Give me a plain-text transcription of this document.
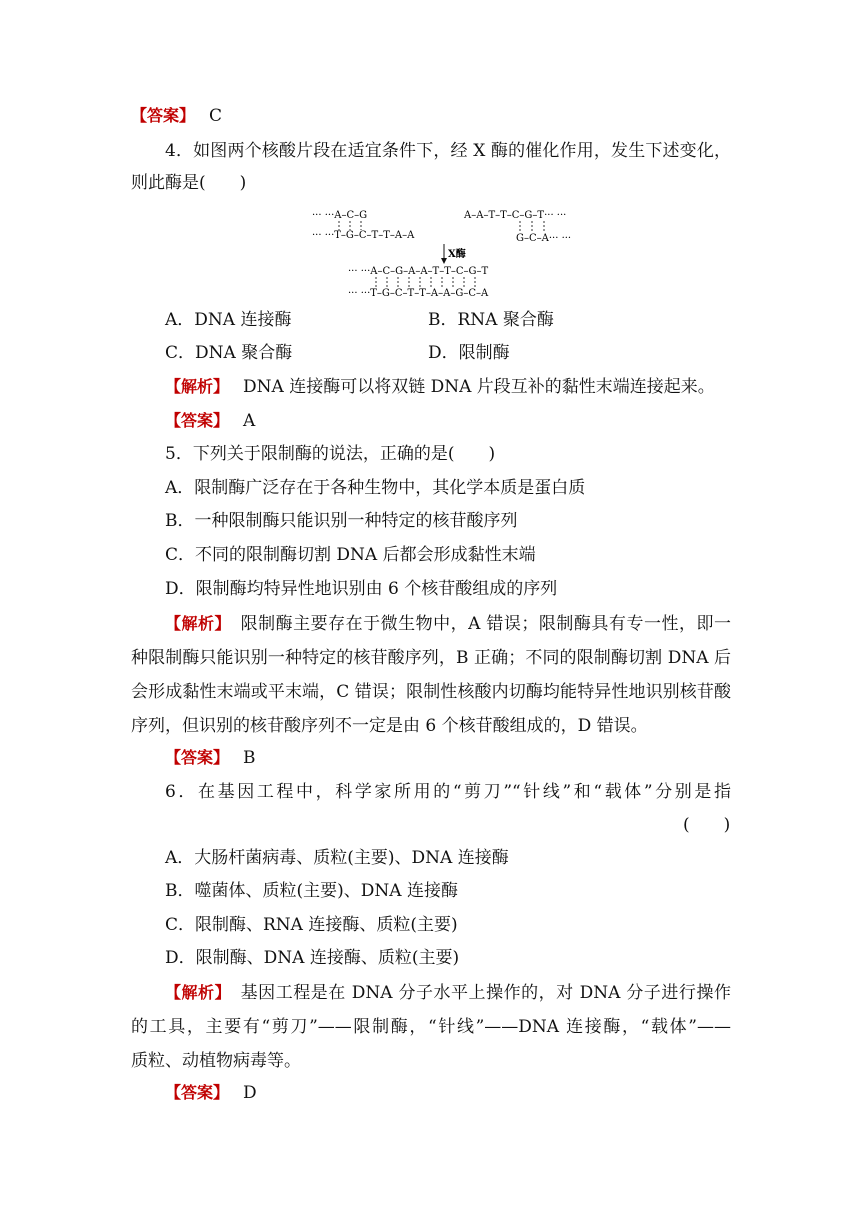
【答案】 C
4．如图两个核酸片段在适宜条件下，经 X 酶的催化作用，发生下述变化，
则此酶是(　　)
··· ···A–C–G
··· ···T–G–C–T–T–A–A
A–A–T–T–C–G–T··· ···
G–C–A··· ···
X酶
··· ···A–C–G–A–A–T–T–C–G–T
··· ···T–G–C–T–T–A–A–G–C–A
A．DNA 连接酶	B．RNA 聚合酶
C．DNA 聚合酶	D．限制酶
【解析】 DNA 连接酶可以将双链 DNA 片段互补的黏性末端连接起来。
【答案】 A
5．下列关于限制酶的说法，正确的是(　　)
A．限制酶广泛存在于各种生物中，其化学本质是蛋白质
B．一种限制酶只能识别一种特定的核苷酸序列
C．不同的限制酶切割 DNA 后都会形成黏性末端
D．限制酶均特异性地识别由 6 个核苷酸组成的序列
【解析】　 限制酶主要存在于微生物中，A 错误；限制酶具有专一性，即一
种限制酶只能识别一种特定的核苷酸序列，B 正确；不同的限制酶切割 DNA 后
会形成黏性末端或平末端，C 错误；限制性核酸内切酶均能特异性地识别核苷酸
序列，但识别的核苷酸序列不一定是由 6 个核苷酸组成的，D 错误。
【答案】 B
6．在基因工程中，科学家所用的“剪刀”“针线”和“载体”分别是指
(　　)
A．大肠杆菌病毒、质粒(主要)、DNA 连接酶
B．噬菌体、质粒(主要)、DNA 连接酶
C．限制酶、RNA 连接酶、质粒(主要)
D．限制酶、DNA 连接酶、质粒(主要)
【解析】　 基因工程是在 DNA 分子水平上操作的，对 DNA 分子进行操作
的工具，主要有“剪刀”——限制酶，“针线”——DNA 连接酶，“载体”——
质粒、动植物病毒等。
【答案】 D
